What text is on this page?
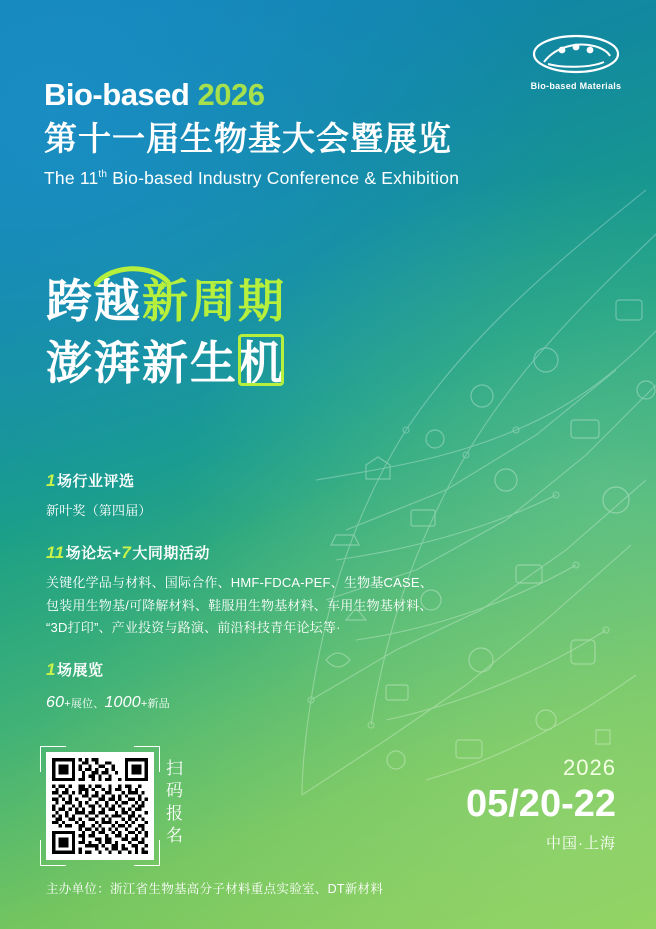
Bio-based Materials
Bio-based 2026
第十一届生物基大会暨展览
The 11th Bio-based Industry Conference & Exhibition
跨越新周期
澎湃新生机
1场行业评选
新叶奖（第四届）
11场论坛+7大同期活动
关键化学品与材料、国际合作、HMF-FDCA-PEF、生物基CASE、
包装用生物基/可降解材料、鞋服用生物基材料、车用生物基材料、
“3D打印”、产业投资与路演、前沿科技青年论坛等·
1场展览
60+展位、1000+新品
扫码报名
2026
05/20-22
中国·上海
主办单位：浙江省生物基高分子材料重点实验室、DT新材料
